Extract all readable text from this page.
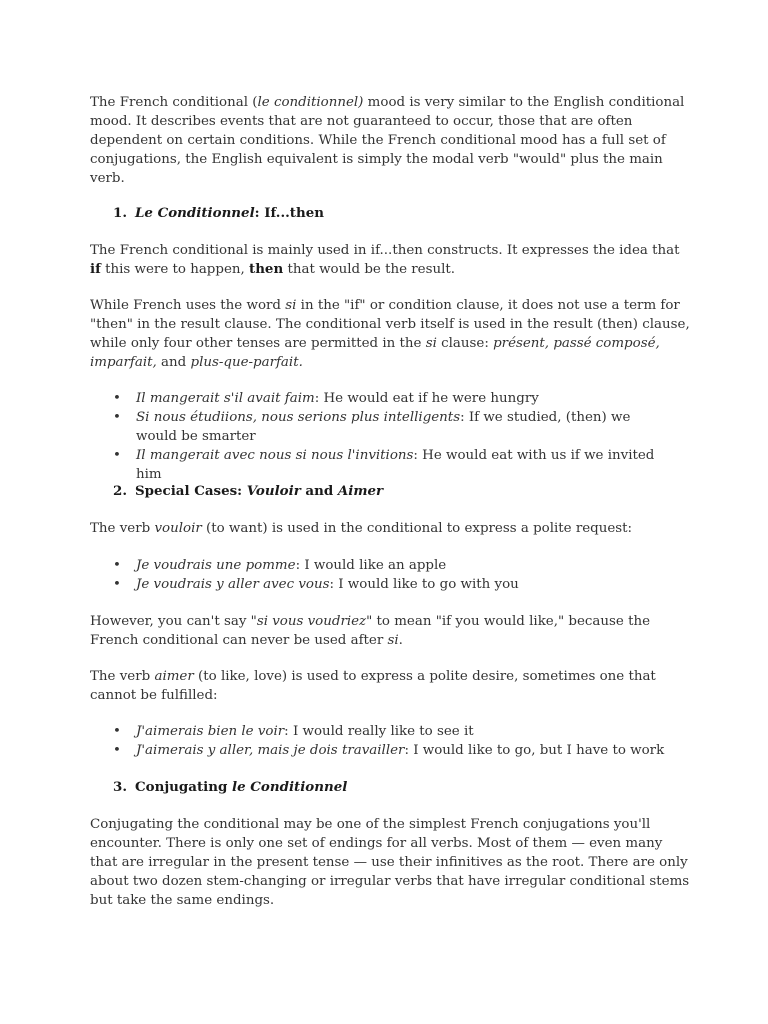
The French conditional (le conditionnel) mood is very similar to the English conditional mood. It describes events that are not guaranteed to occur, those that are often dependent on certain conditions. While the French conditional mood has a full set of conjugations, the English equivalent is simply the modal verb "would" plus the main verb.

1. Le Conditionnel: If...then

The French conditional is mainly used in if...then constructs. It expresses the idea that if this were to happen, then that would be the result.

While French uses the word si in the "if" or condition clause, it does not use a term for "then" in the result clause. The conditional verb itself is used in the result (then) clause, while only four other tenses are permitted in the si clause: présent, passé composé, imparfait, and plus-que-parfait.

• Il mangerait s'il avait faim: He would eat if he were hungry
• Si nous étudiions, nous serions plus intelligents: If we studied, (then) we would be smarter
• Il mangerait avec nous si nous l'invitions: He would eat with us if we invited him

2. Special Cases: Vouloir and Aimer

The verb vouloir (to want) is used in the conditional to express a polite request:

• Je voudrais une pomme: I would like an apple
• Je voudrais y aller avec vous: I would like to go with you

However, you can't say "si vous voudriez" to mean "if you would like," because the French conditional can never be used after si.

The verb aimer (to like, love) is used to express a polite desire, sometimes one that cannot be fulfilled:

• J'aimerais bien le voir: I would really like to see it
• J'aimerais y aller, mais je dois travailler: I would like to go, but I have to work

3. Conjugating le Conditionnel

Conjugating the conditional may be one of the simplest French conjugations you'll encounter. There is only one set of endings for all verbs. Most of them — even many that are irregular in the present tense — use their infinitives as the root. There are only about two dozen stem-changing or irregular verbs that have irregular conditional stems but take the same endings.
